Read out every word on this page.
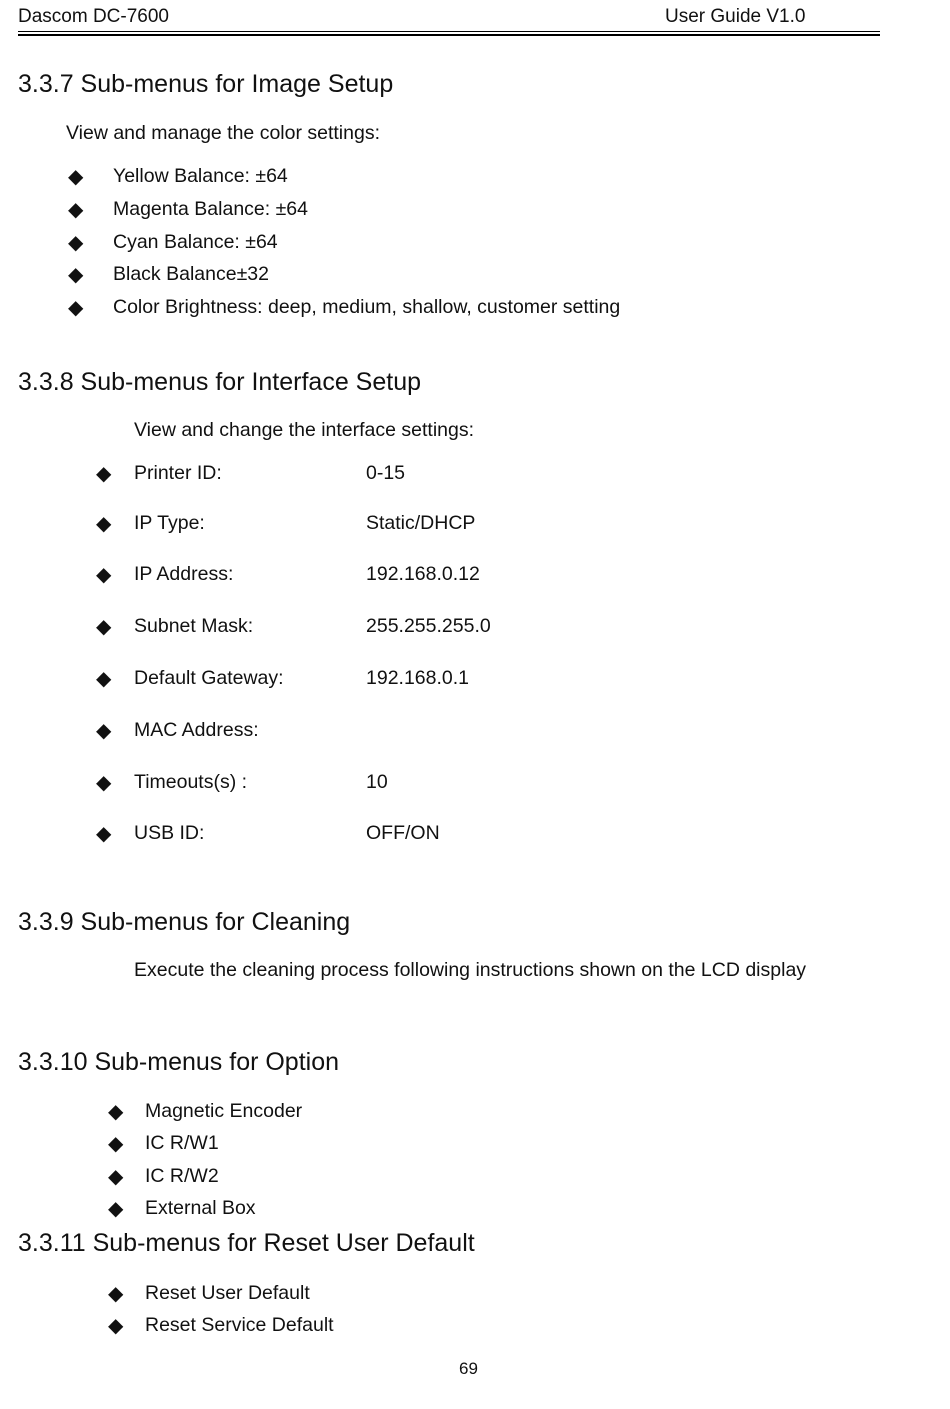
Dascom DC-7600	User Guide V1.0
3.3.7 Sub-menus for Image Setup
View and manage the color settings:
◆ Yellow Balance: ±64
◆ Magenta Balance: ±64
◆ Cyan Balance: ±64
◆ Black Balance±32
◆ Color Brightness: deep, medium, shallow, customer setting
3.3.8 Sub-menus for Interface Setup
View and change the interface settings:
◆ Printer ID:	0-15
◆ IP Type:	Static/DHCP
◆ IP Address:	192.168.0.12
◆ Subnet Mask:	255.255.255.0
◆ Default Gateway:	192.168.0.1
◆ MAC Address:
◆ Timeouts(s) :	10
◆ USB ID:	OFF/ON
3.3.9 Sub-menus for Cleaning
Execute the cleaning process following instructions shown on the LCD display
3.3.10 Sub-menus for Option
◆ Magnetic Encoder
◆ IC R/W1
◆ IC R/W2
◆ External Box
3.3.11 Sub-menus for Reset User Default
◆ Reset User Default
◆ Reset Service Default
69
